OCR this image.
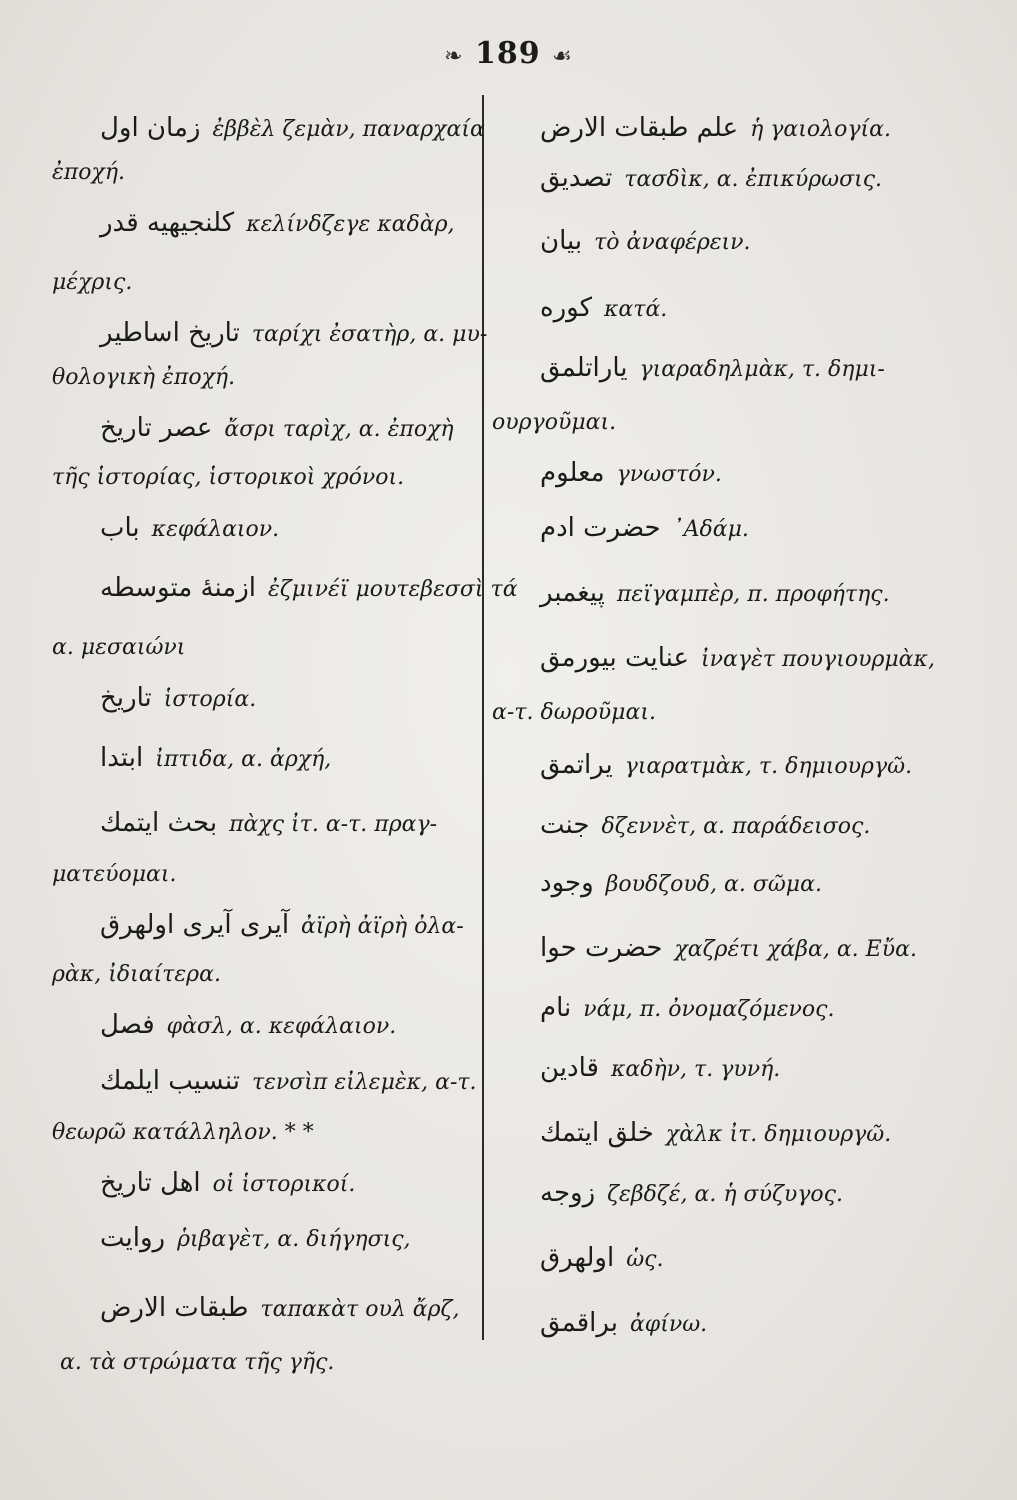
❧ 189 ☙
زمان اول ἐββὲλ ζεμὰν, παναρχαία
ἐποχή.
كلنجيهيه قدر κελίνδζεγε καδὰρ,
μέχρις.
تاريخ اساطير ταρίχι ἐσατὴρ, α. μυ-
θολογικὴ ἐποχή.
عصر تاريخ ἄσρι ταρὶχ, α. ἐποχὴ
τῆς ἱστορίας, ἱστορικοὶ χρόνοι.
باب κεφάλαιον.
ازمنهٔ متوسطه ἐζμινέϊ μουτεβεσσὶ τά
α. μεσαιώνι
تاريخ ἱστορία.
ابتدا ἰπτιδα, α. ἀρχή,
بحث ايتمك πὰχς ἰτ. α-τ. πραγ-
ματεύομαι.
آيرى آيرى اولهرق ἀϊρὴ ἀϊρὴ ὀλα-
ρὰκ, ἰδιαίτερα.
فصل φὰσλ, α. κεφάλαιον.
تنسيب ايلمك τενσὶπ εἰλεμὲκ, α-τ.
θεωρῶ κατάλληλον. * *
اهل تاريخ οἱ ἱστορικοί.
روايت ῥιβαγὲτ, α. διήγησις,
طبقات الارض ταπακὰτ ουλ ἄρζ,
α. τὰ στρώματα τῆς γῆς.
علم طبقات الارض ἡ γαιολογία.
تصديق τασδὶκ, α. ἐπικύρωσις.
بيان τὸ ἀναφέρειν.
كوره κατά.
ياراتلمق γιαραδηλμὰκ, τ. δημι-
ουργοῦμαι.
معلوم γνωστόν.
حضرت ادم ᾿Αδάμ.
پيغمبر πεϊγαμπὲρ, π. προφήτης.
عنايت بيورمق ἰναγὲτ πουγιουρμὰκ,
α-τ. δωροῦμαι.
يراتمق γιαρατμὰκ, τ. δημιουργῶ.
جنت δζεννὲτ, α. παράδεισος.
وجود βουδζουδ, α. σῶμα.
حضرت حوا χαζρέτι χάβα, α. Εὔα.
نام νάμ, π. ὀνομαζόμενος.
قادين καδὴν, τ. γυνή.
خلق ايتمك χὰλκ ἰτ. δημιουργῶ.
زوجه ζεβδζέ, α. ἡ σύζυγος.
اولهرق ὡς.
براقمق ἀφίνω.
